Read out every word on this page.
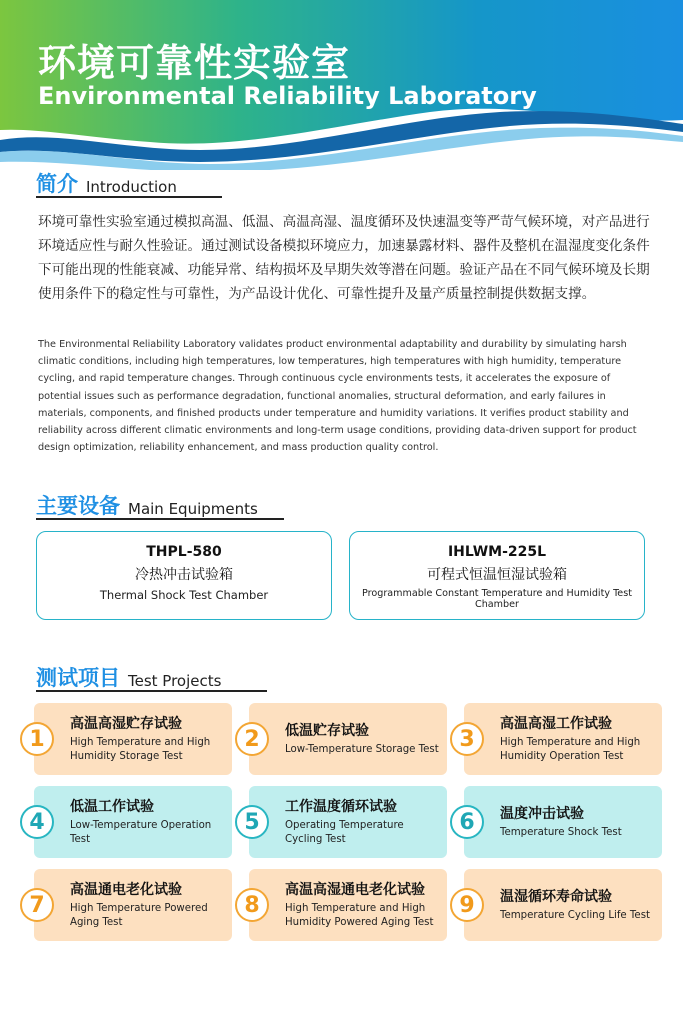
环境可靠性实验室
Environmental Reliability Laboratory
简介 Introduction
环境可靠性实验室通过模拟高温、低温、高温高湿、温度循环及快速温变等严苛气候环境，对产品进行环境适应性与耐久性验证。通过测试设备模拟环境应力，加速暴露材料、器件及整机在温湿度变化条件下可能出现的性能衰减、功能异常、结构损坏及早期失效等潜在问题。验证产品在不同气候环境及长期使用条件下的稳定性与可靠性，为产品设计优化、可靠性提升及量产质量控制提供数据支撑。
The Environmental Reliability Laboratory validates product environmental adaptability and durability by simulating harsh climatic conditions, including high temperatures, low temperatures, high temperatures with high humidity, temperature cycling, and rapid temperature changes. Through continuous cycle environments tests, it accelerates the exposure of potential issues such as performance degradation, functional anomalies, structural deformation, and early failures in materials, components, and finished products under temperature and humidity variations. It verifies product stability and reliability across different climatic environments and long-term usage conditions, providing data-driven support for product design optimization, reliability enhancement, and mass production quality control.
主要设备 Main Equipments
THPL-580
冷热冲击试验箱
Thermal Shock Test Chamber
IHLWM-225L
可程式恒温恒湿试验箱
Programmable Constant Temperature and Humidity Test Chamber
测试项目 Test Projects
1
高温高湿贮存试验
High Temperature and High Humidity Storage Test
2	低温贮存试验
Low-Temperature Storage Test 3
高温高湿工作试验
High Temperature and High Humidity Operation Test
4
低温工作试验
Low-Temperature Operation Test
5
工作温度循环试验
Operating Temperature Cycling Test
6	温度冲击试验
Temperature Shock Test
7
高温通电老化试验
High Temperature Powered Aging Test
8
高温高湿通电老化试验
High Temperature and High Humidity Powered Aging Test
9	温湿循环寿命试验
Temperature Cycling Life Test
